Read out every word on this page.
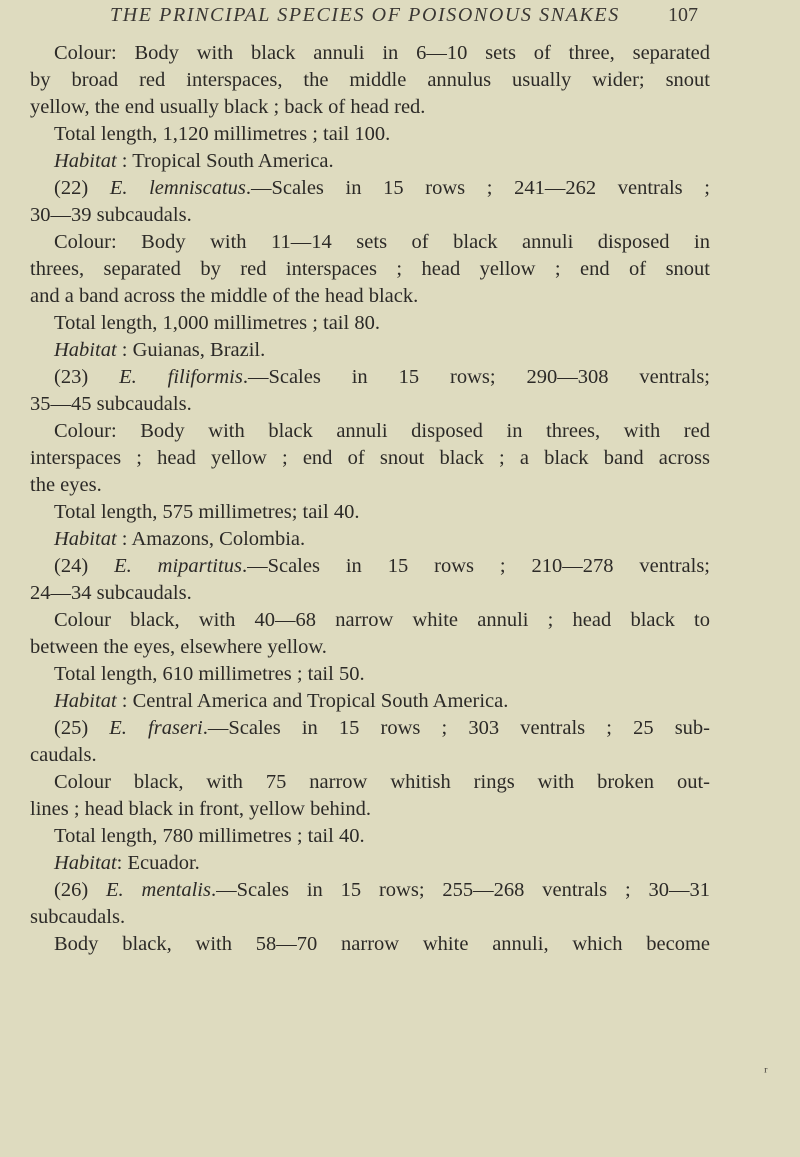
THE PRINCIPAL SPECIES OF POISONOUS SNAKES 107
Colour: Body with black annuli in 6—10 sets of three, separated
by broad red interspaces, the middle annulus usually wider; snout
yellow, the end usually black ; back of head red.
Total length, 1,120 millimetres ; tail 100.
Habitat : Tropical South America.
(22) E. lemniscatus.—Scales in 15 rows ; 241—262 ventrals ;
30—39 subcaudals.
Colour: Body with 11—14 sets of black annuli disposed in
threes, separated by red interspaces ; head yellow ; end of snout
and a band across the middle of the head black.
Total length, 1,000 millimetres ; tail 80.
Habitat : Guianas, Brazil.
(23) E. filiformis.—Scales in 15 rows; 290—308 ventrals;
35—45 subcaudals.
Colour: Body with black annuli disposed in threes, with red
interspaces ; head yellow ; end of snout black ; a black band across
the eyes.
Total length, 575 millimetres; tail 40.
Habitat : Amazons, Colombia.
(24) E. mipartitus.—Scales in 15 rows ; 210—278 ventrals;
24—34 subcaudals.
Colour black, with 40—68 narrow white annuli ; head black to
between the eyes, elsewhere yellow.
Total length, 610 millimetres ; tail 50.
Habitat : Central America and Tropical South America.
(25) E. fraseri.—Scales in 15 rows ; 303 ventrals ; 25 sub-
caudals.
Colour black, with 75 narrow whitish rings with broken out-
lines ; head black in front, yellow behind.
Total length, 780 millimetres ; tail 40.
Habitat: Ecuador.
(26) E. mentalis.—Scales in 15 rows; 255—268 ventrals ; 30—31
subcaudals.
Body black, with 58—70 narrow white annuli, which become
ʳ
